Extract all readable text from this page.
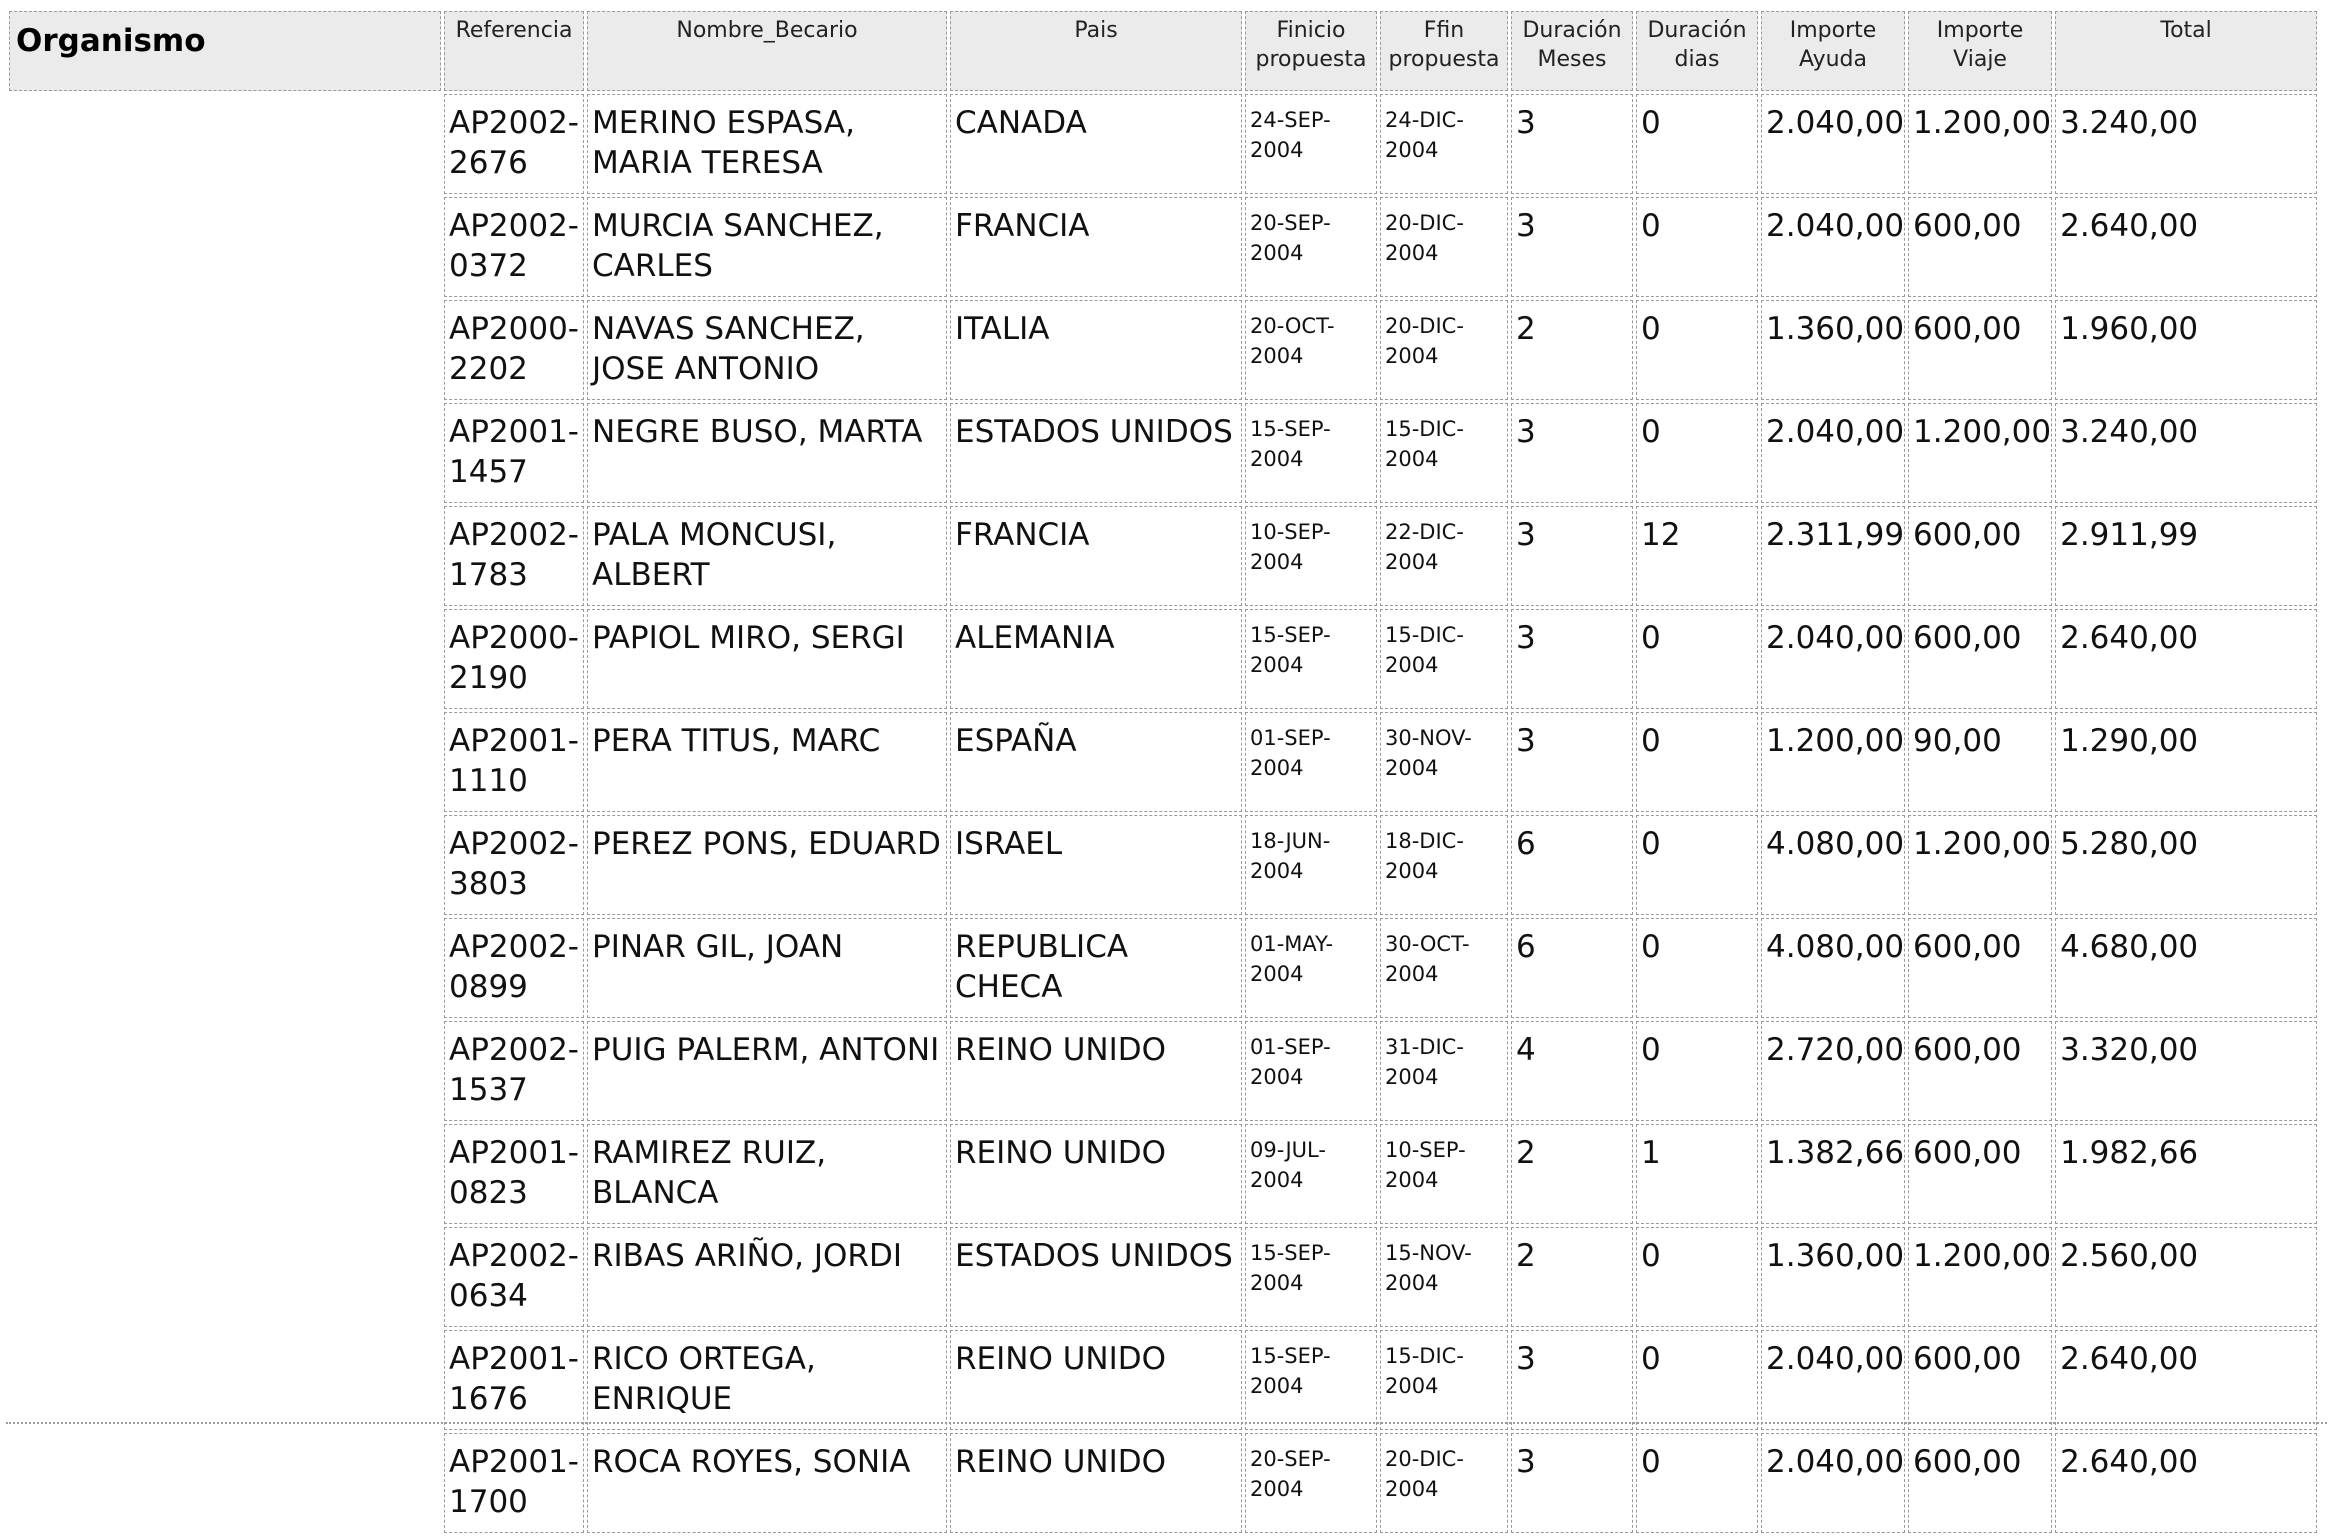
Organismo	Referencia	Nombre_Becario	Pais	Finicio propuesta	Ffin propuesta	Duración Meses	Duración dias	Importe Ayuda	Importe Viaje	Total
	AP2002-2676	MERINO ESPASA, MARIA TERESA	CANADA	24-SEP-2004	24-DIC-2004	3	0	2.040,00	1.200,00	3.240,00
	AP2002-0372	MURCIA SANCHEZ, CARLES	FRANCIA	20-SEP-2004	20-DIC-2004	3	0	2.040,00	600,00	2.640,00
	AP2000-2202	NAVAS SANCHEZ, JOSE ANTONIO	ITALIA	20-OCT-2004	20-DIC-2004	2	0	1.360,00	600,00	1.960,00
	AP2001-1457	NEGRE BUSO, MARTA	ESTADOS UNIDOS	15-SEP-2004	15-DIC-2004	3	0	2.040,00	1.200,00	3.240,00
	AP2002-1783	PALA MONCUSI, ALBERT	FRANCIA	10-SEP-2004	22-DIC-2004	3	12	2.311,99	600,00	2.911,99
	AP2000-2190	PAPIOL MIRO, SERGI	ALEMANIA	15-SEP-2004	15-DIC-2004	3	0	2.040,00	600,00	2.640,00
	AP2001-1110	PERA TITUS, MARC	ESPAÑA	01-SEP-2004	30-NOV-2004	3	0	1.200,00	90,00	1.290,00
	AP2002-3803	PEREZ PONS, EDUARD	ISRAEL	18-JUN-2004	18-DIC-2004	6	0	4.080,00	1.200,00	5.280,00
	AP2002-0899	PINAR GIL, JOAN	REPUBLICA CHECA	01-MAY-2004	30-OCT-2004	6	0	4.080,00	600,00	4.680,00
	AP2002-1537	PUIG PALERM, ANTONI	REINO UNIDO	01-SEP-2004	31-DIC-2004	4	0	2.720,00	600,00	3.320,00
	AP2001-0823	RAMIREZ RUIZ, BLANCA	REINO UNIDO	09-JUL-2004	10-SEP-2004	2	1	1.382,66	600,00	1.982,66
	AP2002-0634	RIBAS ARIÑO, JORDI	ESTADOS UNIDOS	15-SEP-2004	15-NOV-2004	2	0	1.360,00	1.200,00	2.560,00
	AP2001-1676	RICO ORTEGA, ENRIQUE	REINO UNIDO	15-SEP-2004	15-DIC-2004	3	0	2.040,00	600,00	2.640,00
	AP2001-1700	ROCA ROYES, SONIA	REINO UNIDO	20-SEP-2004	20-DIC-2004	3	0	2.040,00	600,00	2.640,00
